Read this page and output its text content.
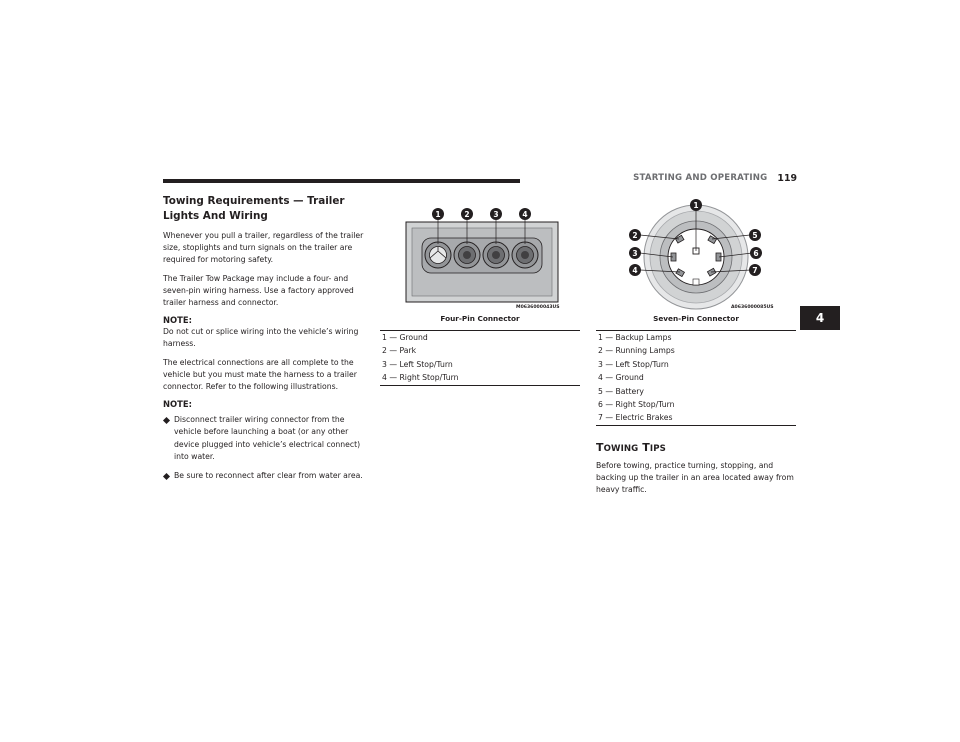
STARTING AND OPERATING 119
4
Towing Requirements — Trailer Lights And Wiring

Whenever you pull a trailer, regardless of the trailer size, stoplights and turn signals on the trailer are required for motoring safety.

The Trailer Tow Package may include a four- and seven-pin wiring harness. Use a factory approved trailer harness and connector.

NOTE:

Do not cut or splice wiring into the vehicle’s wiring harness.

The electrical connections are all complete to the vehicle but you must mate the harness to a trailer connector. Refer to the following illustrations.

NOTE:
Disconnect trailer wiring connector from the vehicle before launching a boat (or any other device plugged into vehicle’s electrical connect) into water.
Be sure to reconnect after clear from water area.
1	2	3	4
M0636000043US
Four-Pin Connector
1
2
3
4
5
6
7
A0636000085US
Seven-Pin Connector
1 — Ground
2 — Park
3 — Left Stop/Turn
4 — Right Stop/Turn
1 — Backup Lamps
2 — Running Lamps
3 — Left Stop/Turn
4 — Ground
5 — Battery
6 — Right Stop/Turn
7 — Electric Brakes
TOWING TIPS

Before towing, practice turning, stopping, and backing up the trailer in an area located away from heavy traffic.
